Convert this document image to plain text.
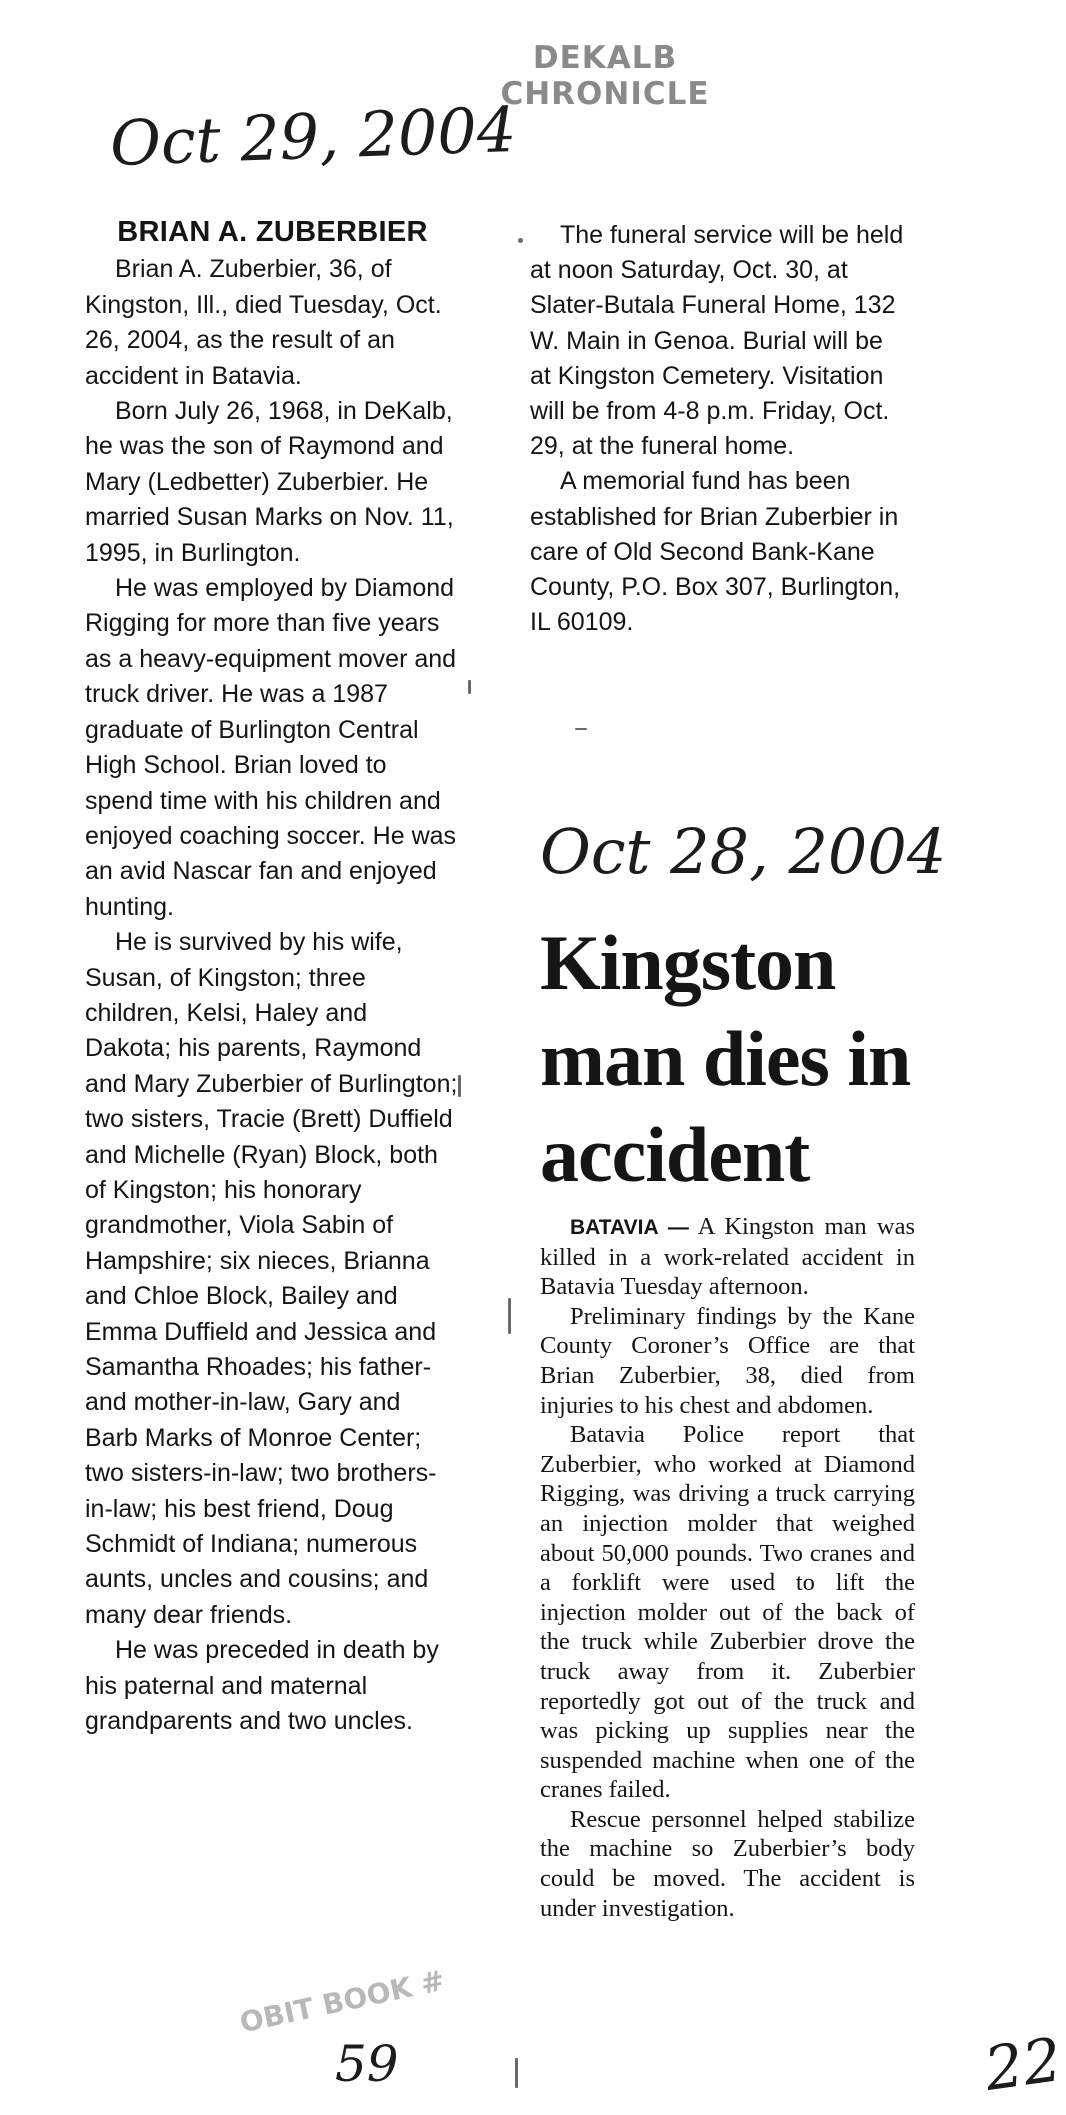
DEKALB CHRONICLE
Oct 29, 2004
BRIAN A. ZUBERBIER

Brian A. Zuberbier, 36, of Kingston, Ill., died Tuesday, Oct. 26, 2004, as the result of an accident in Batavia.

Born July 26, 1968, in DeKalb, he was the son of Raymond and Mary (Ledbetter) Zuberbier. He married Susan Marks on Nov. 11, 1995, in Burlington.

He was employed by Diamond Rigging for more than five years as a heavy-equipment mover and truck driver. He was a 1987 graduate of Burlington Central High School. Brian loved to spend time with his children and enjoyed coaching soccer. He was an avid Nascar fan and enjoyed hunting.

He is survived by his wife, Susan, of Kingston; three children, Kelsi, Haley and Dakota; his parents, Raymond and Mary Zuberbier of Burlington; two sisters, Tracie (Brett) Duffield and Michelle (Ryan) Block, both of Kingston; his honorary grandmother, Viola Sabin of Hampshire; six nieces, Brianna and Chloe Block, Bailey and Emma Duffield and Jessica and Samantha Rhoades; his father- and mother-in-law, Gary and Barb Marks of Monroe Center; two sisters-in-law; two brothers-in-law; his best friend, Doug Schmidt of Indiana; numerous aunts, uncles and cousins; and many dear friends.

He was preceded in death by his paternal and maternal grandparents and two uncles.

The funeral service will be held at noon Saturday, Oct. 30, at Slater-Butala Funeral Home, 132 W. Main in Genoa. Burial will be at Kingston Cemetery. Visitation will be from 4-8 p.m. Friday, Oct. 29, at the funeral home.

A memorial fund has been established for Brian Zuberbier in care of Old Second Bank-Kane County, P.O. Box 307, Burlington, IL 60109.

Oct 28, 2004
Kingston man dies in accident

BATAVIA — A Kingston man was killed in a work-related accident in Batavia Tuesday afternoon.

Preliminary findings by the Kane County Coroner’s Office are that Brian Zuberbier, 38, died from injuries to his chest and abdomen.

Batavia Police report that Zuberbier, who worked at Diamond Rigging, was driving a truck carrying an injection molder that weighed about 50,000 pounds. Two cranes and a forklift were used to lift the injection molder out of the back of the truck while Zuberbier drove the truck away from it. Zuberbier reportedly got out of the truck and was picking up supplies near the suspended machine when one of the cranes failed.

Rescue personnel helped stabilize the machine so Zuberbier’s body could be moved. The accident is under investigation.

OBIT BOOK #
59	22
